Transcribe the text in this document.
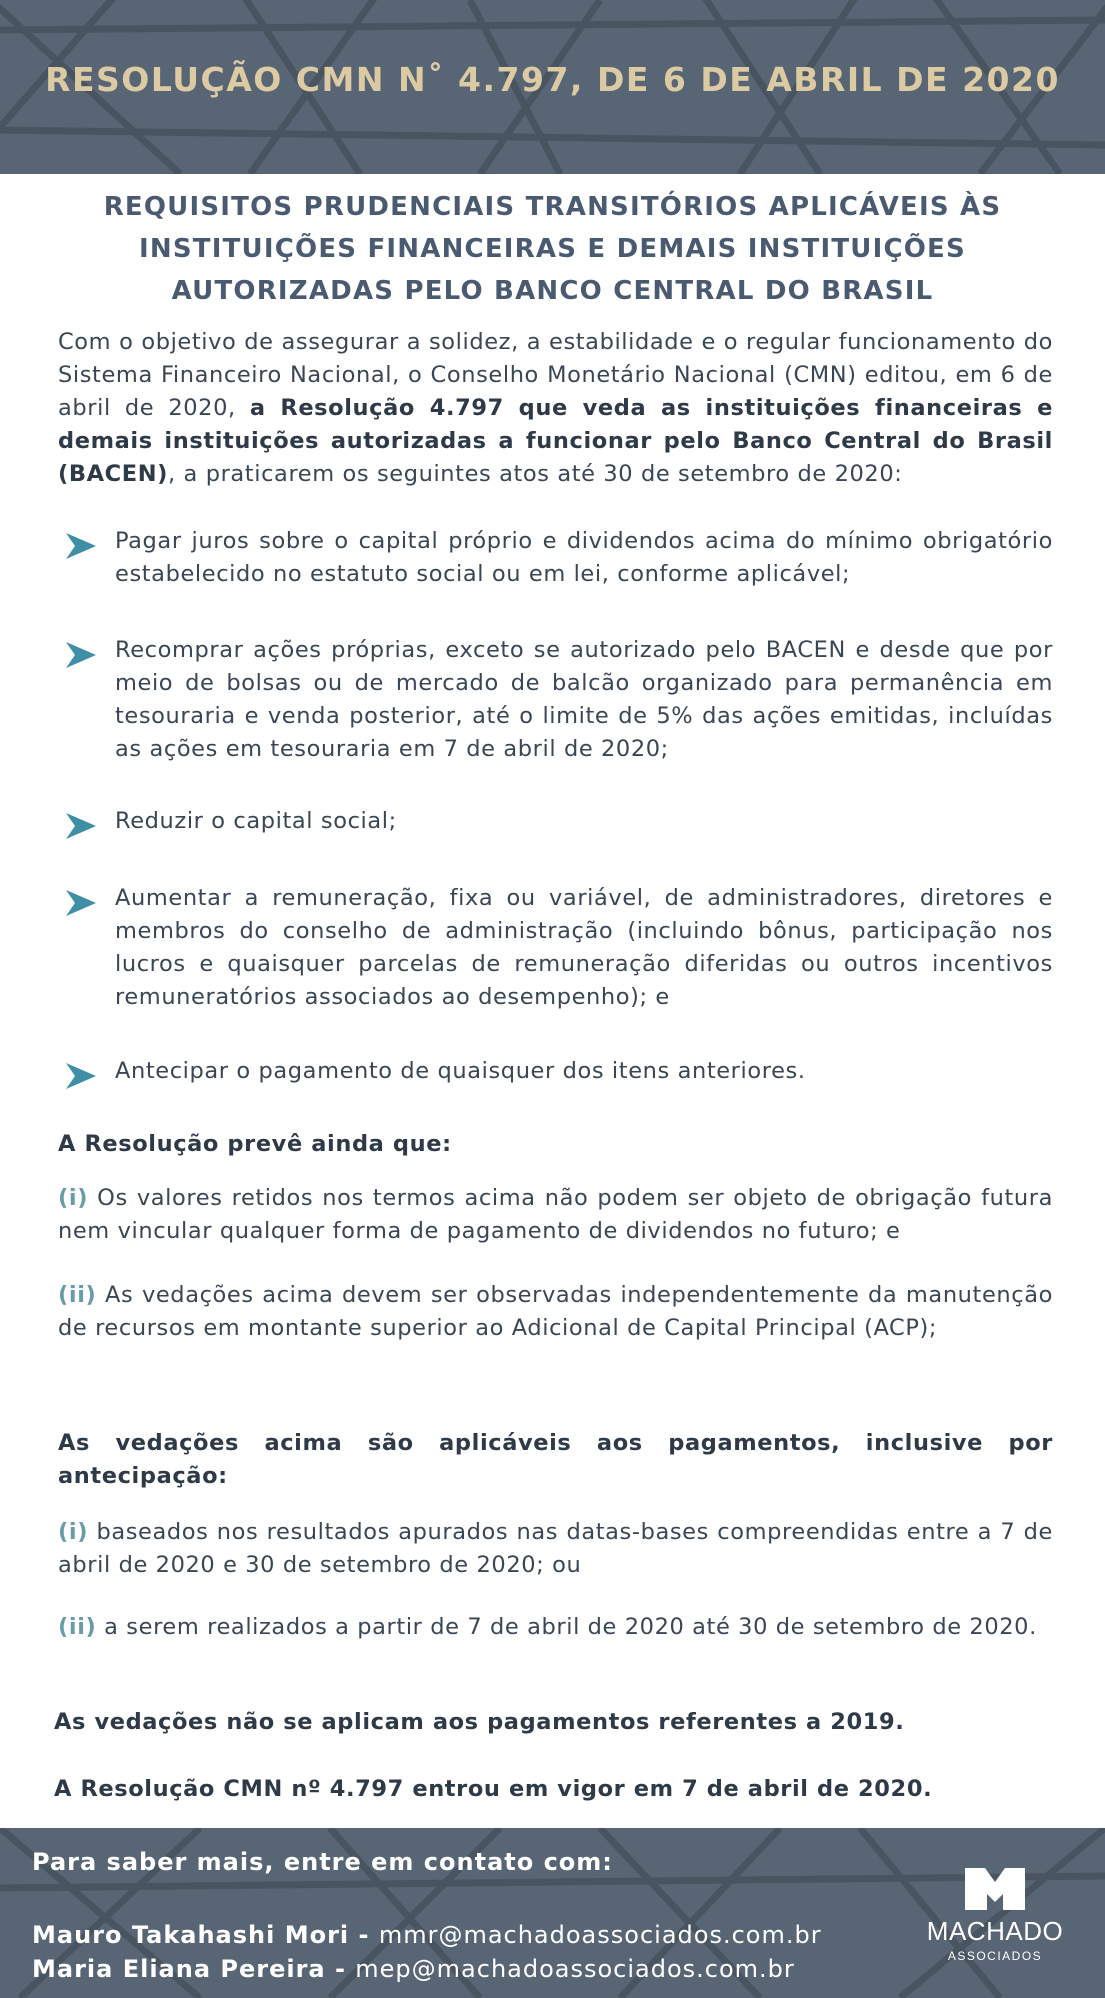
RESOLUÇÃO CMN N˚ 4.797, DE 6 DE ABRIL DE 2020
REQUISITOS PRUDENCIAIS TRANSITÓRIOS APLICÁVEIS ÀS
INSTITUIÇÕES FINANCEIRAS E DEMAIS INSTITUIÇÕES
AUTORIZADAS PELO BANCO CENTRAL DO BRASIL
Com o objetivo de assegurar a solidez, a estabilidade e o regular funcionamento do Sistema Financeiro Nacional, o Conselho Monetário Nacional (CMN) editou, em 6 de abril de 2020, a Resolução 4.797 que veda as instituições financeiras e demais instituições autorizadas a funcionar pelo Banco Central do Brasil (BACEN), a praticarem os seguintes atos até 30 de setembro de 2020:
Pagar juros sobre o capital próprio e dividendos acima do mínimo obrigatório estabelecido no estatuto social ou em lei, conforme aplicável;
Recomprar ações próprias, exceto se autorizado pelo BACEN e desde que por meio de bolsas ou de mercado de balcão organizado para permanência em tesouraria e venda posterior, até o limite de 5% das ações emitidas, incluídas as ações em tesouraria em 7 de abril de 2020;
Reduzir o capital social;
Aumentar a remuneração, fixa ou variável, de administradores, diretores e membros do conselho de administração (incluindo bônus, participação nos lucros e quaisquer parcelas de remuneração diferidas ou outros incentivos remuneratórios associados ao desempenho); e
Antecipar o pagamento de quaisquer dos itens anteriores.
A Resolução prevê ainda que:
(i) Os valores retidos nos termos acima não podem ser objeto de obrigação futura nem vincular qualquer forma de pagamento de dividendos no futuro; e
(ii) As vedações acima devem ser observadas independentemente da manutenção de recursos em montante superior ao Adicional de Capital Principal (ACP);
As vedações acima são aplicáveis aos pagamentos, inclusive por antecipação:
(i) baseados nos resultados apurados nas datas-bases compreendidas entre a 7 de abril de 2020 e 30 de setembro de 2020; ou
(ii) a serem realizados a partir de 7 de abril de 2020 até 30 de setembro de 2020.
As vedações não se aplicam aos pagamentos referentes a 2019.
A Resolução CMN nº 4.797 entrou em vigor em 7 de abril de 2020.
Para saber mais, entre em contato com:
Mauro Takahashi Mori - mmr@machadoassociados.com.br
Maria Eliana Pereira - mep@machadoassociados.com.br
MACHADO
ASSOCIADOS
